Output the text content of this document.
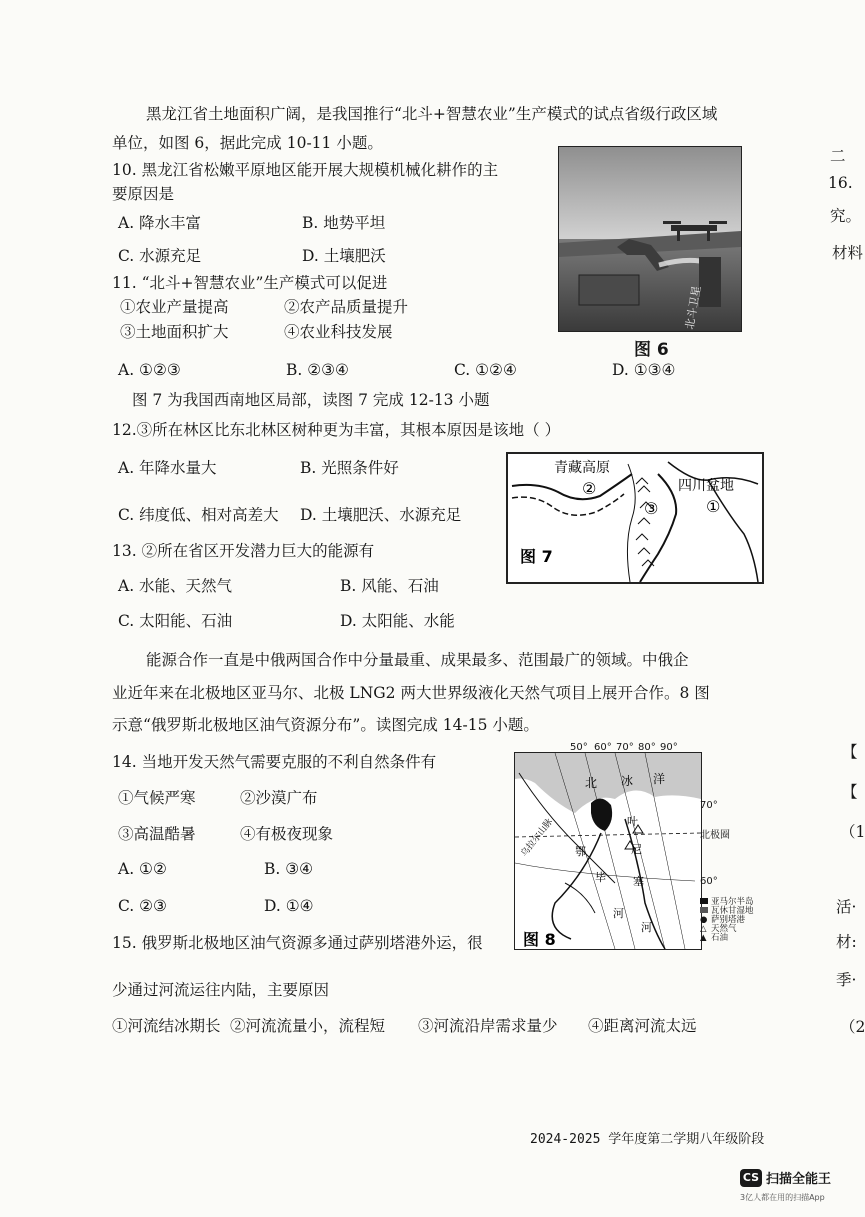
黑龙江省土地面积广阔，是我国推行“北斗+智慧农业”生产模式的试点省级行政区域
单位，如图 6，据此完成 10-11 小题。
10. 黑龙江省松嫩平原地区能开展大规模机械化耕作的主
要原因是
A. 降水丰富	B. 地势平坦
C. 水源充足	D. 土壤肥沃
11. “北斗+智慧农业”生产模式可以促进
①农业产量提高	②农产品质量提升
③土地面积扩大	④农业科技发展
A. ①②③	B. ②③④	C. ①②④	D. ①③④
北斗卫星
图 6
图 7 为我国西南地区局部，读图 7 完成 12-13 小题
12.③所在林区比东北林区树种更为丰富，其根本原因是该地（ ）
A. 年降水量大	B. 光照条件好
C. 纬度低、相对高差大 D. 土壤肥沃、水源充足
青藏高原
②
③
四川盆地
①
图 7
13. ②所在省区开发潜力巨大的能源有
A. 水能、天然气	B. 风能、石油
C. 太阳能、石油	D. 太阳能、水能
能源合作一直是中俄两国合作中分量最重、成果最多、范围最广的领域。中俄企
业近年来在北极地区亚马尔、北极 LNG2 两大世界级液化天然气项目上展开合作。8 图
示意“俄罗斯北极地区油气资源分布”。读图完成 14-15 小题。
14. 当地开发天然气需要克服的不利自然条件有
①气候严寒	②沙漠广布
③高温酷暑	④有极夜现象
A. ①②	B. ③④
C. ②③	D. ①④
乌拉尔山脉
北 冰 洋
鄂
毕
叶
尼
塞
河
河
图 8
50° 60° 70° 80° 90°
70°
北极圈
60°
亚马尔半岛
瓦休甘湿地
● 萨别塔港
△ 天然气
▲ 石油
15. 俄罗斯北极地区油气资源多通过萨别塔港外运，很
少通过河流运往内陆，主要原因
①河流结冰期长 ②河流流量小，流程短 ③河流沿岸需求量少 ④距离河流太远
二
16.
究。
材料
【
【
（1
活·
材:
季·
（2
2024-2025 学年度第二学期八年级阶段
CS 扫描全能王
3亿人都在用的扫描App
